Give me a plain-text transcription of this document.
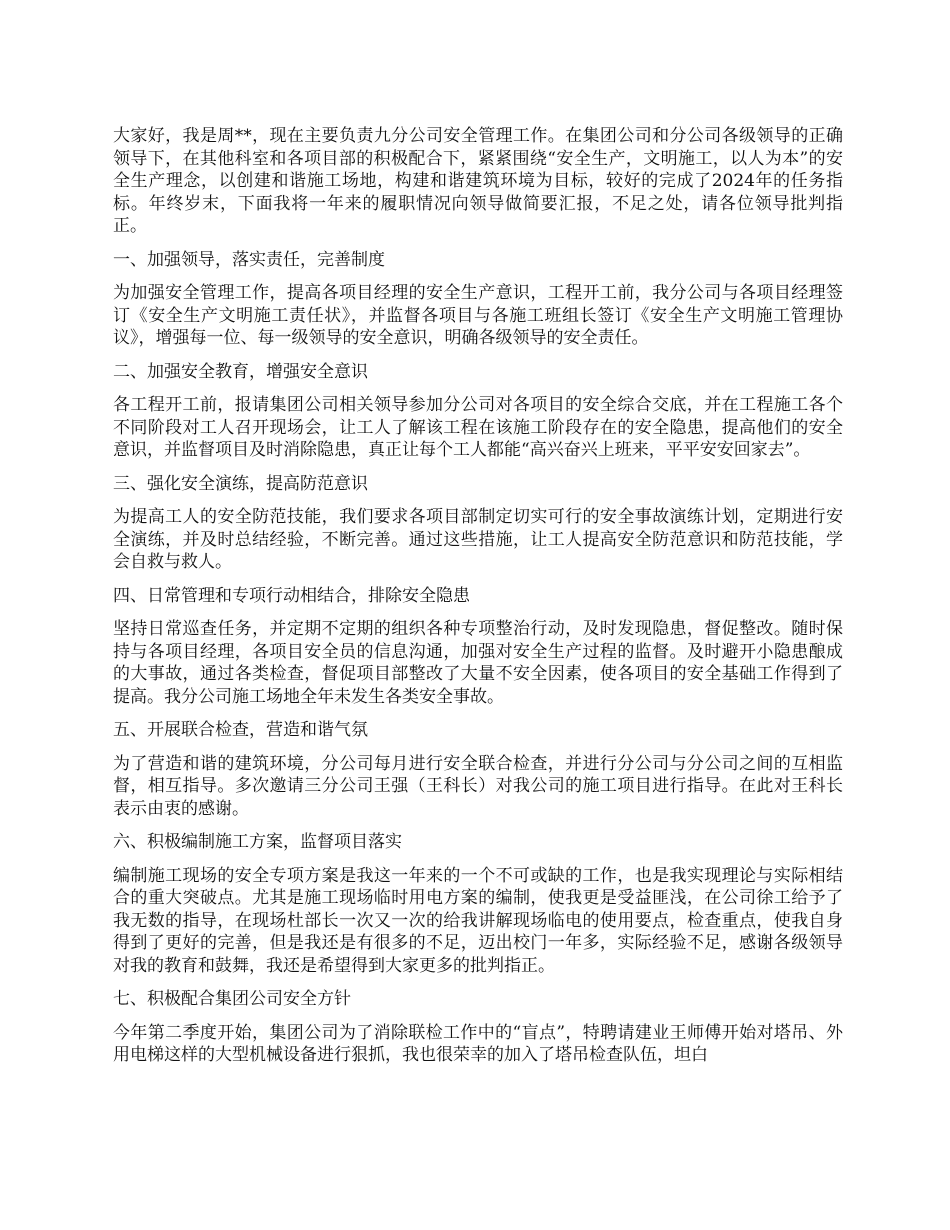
大家好，我是周**，现在主要负责九分公司安全管理工作。在集团公司和分公司各级领导的正确领导下，在其他科室和各项目部的积极配合下，紧紧围绕“安全生产，文明施工，以人为本”的安全生产理念，以创建和谐施工场地，构建和谐建筑环境为目标，较好的完成了2024年的任务指标。年终岁末，下面我将一年来的履职情况向领导做简要汇报，不足之处，请各位领导批判指正。

一、加强领导，落实责任，完善制度

为加强安全管理工作，提高各项目经理的安全生产意识，工程开工前，我分公司与各项目经理签订《安全生产文明施工责任状》，并监督各项目与各施工班组长签订《安全生产文明施工管理协议》，增强每一位、每一级领导的安全意识，明确各级领导的安全责任。

二、加强安全教育，增强安全意识

各工程开工前，报请集团公司相关领导参加分公司对各项目的安全综合交底，并在工程施工各个不同阶段对工人召开现场会，让工人了解该工程在该施工阶段存在的安全隐患，提高他们的安全意识，并监督项目及时消除隐患，真正让每个工人都能“高兴奋兴上班来，平平安安回家去”。

三、强化安全演练，提高防范意识

为提高工人的安全防范技能，我们要求各项目部制定切实可行的安全事故演练计划，定期进行安全演练，并及时总结经验，不断完善。通过这些措施，让工人提高安全防范意识和防范技能，学会自救与救人。

四、日常管理和专项行动相结合，排除安全隐患

坚持日常巡查任务，并定期不定期的组织各种专项整治行动，及时发现隐患，督促整改。随时保持与各项目经理，各项目安全员的信息沟通，加强对安全生产过程的监督。及时避开小隐患酿成的大事故，通过各类检查，督促项目部整改了大量不安全因素，使各项目的安全基础工作得到了提高。我分公司施工场地全年未发生各类安全事故。

五、开展联合检查，营造和谐气氛

为了营造和谐的建筑环境，分公司每月进行安全联合检查，并进行分公司与分公司之间的互相监督，相互指导。多次邀请三分公司王强（王科长）对我公司的施工项目进行指导。在此对王科长表示由衷的感谢。

六、积极编制施工方案，监督项目落实

编制施工现场的安全专项方案是我这一年来的一个不可或缺的工作，也是我实现理论与实际相结合的重大突破点。尤其是施工现场临时用电方案的编制，使我更是受益匪浅，在公司徐工给予了我无数的指导，在现场杜部长一次又一次的给我讲解现场临电的使用要点，检查重点，使我自身得到了更好的完善，但是我还是有很多的不足，迈出校门一年多，实际经验不足，感谢各级领导对我的教育和鼓舞，我还是希望得到大家更多的批判指正。

七、积极配合集团公司安全方针

今年第二季度开始，集团公司为了消除联检工作中的“盲点”，特聘请建业王师傅开始对塔吊、外用电梯这样的大型机械设备进行狠抓，我也很荣幸的加入了塔吊检查队伍，坦白
